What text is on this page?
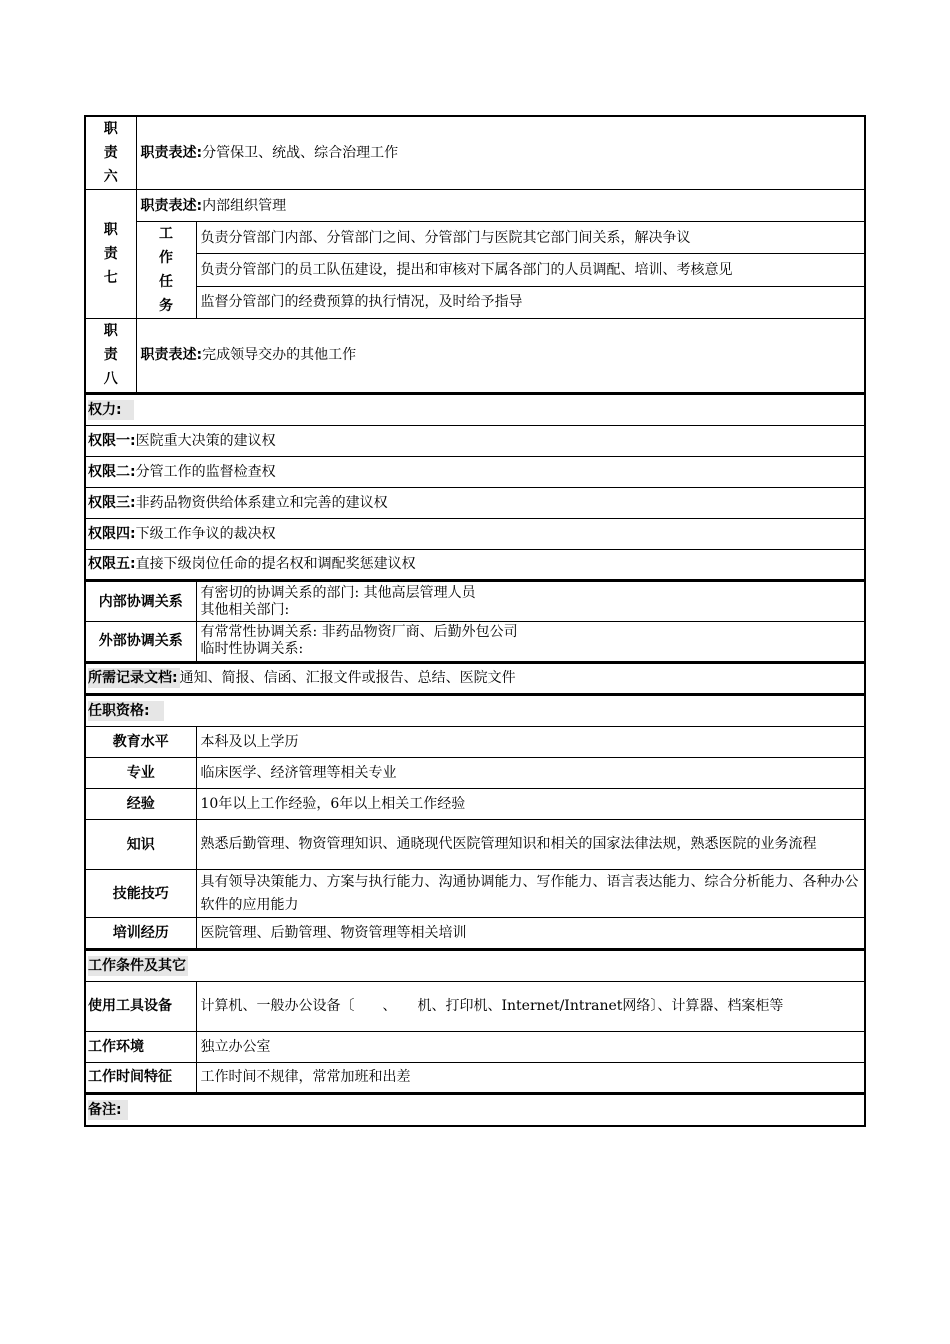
职
责
六	职责表述:分管保卫、统战、综合治理工作	

职
责
七	职责表述:内部组织管理	

	工
作
任
务	负责分管部门内部、分管部门之间、分管部门与医院其它部门间关系，解决争议
		负责分管部门的员工队伍建设，提出和审核对下属各部门的人员调配、培训、考核意见
		监督分管部门的经费预算的执行情况，及时给予指导

职
责
八	职责表述:完成领导交办的其他工作	
权力:
权限一:医院重大决策的建议权
权限二:分管工作的监督检查权
权限三:非药品物资供给体系建立和完善的建议权
权限四:下级工作争议的裁决权
权限五:直接下级岗位任命的提名权和调配奖惩建议权
内部协调关系	有密切的协调关系的部门: 其他高层管理人员
其他相关部门:

外部协调关系	有常常性协调关系: 非药品物资厂商、后勤外包公司
临时性协调关系:
所需记录文档: 通知、简报、信函、汇报文件或报告、总结、医院文件
任职资格:	
教育水平	本科及以上学历
专业	临床医学、经济管理等相关专业
经验	10年以上工作经验，6年以上相关工作经验
知识	熟悉后勤管理、物资管理知识、通晓现代医院管理知识和相关的国家法律法规，熟悉医院的业务流程
技能技巧	具有领导决策能力、方案与执行能力、沟通协调能力、写作能力、语言表达能力、综合分析能力、各种办公软件的应用能力
培训经历	医院管理、后勤管理、物资管理等相关培训
工作条件及其它	
使用工具设备	计算机、一般办公设备〔　　、　　机、打印机、Internet/Intranet网络〕、计算器、档案柜等
工作环境	独立办公室
工作时间特征	工作时间不规律，常常加班和出差
备注:
